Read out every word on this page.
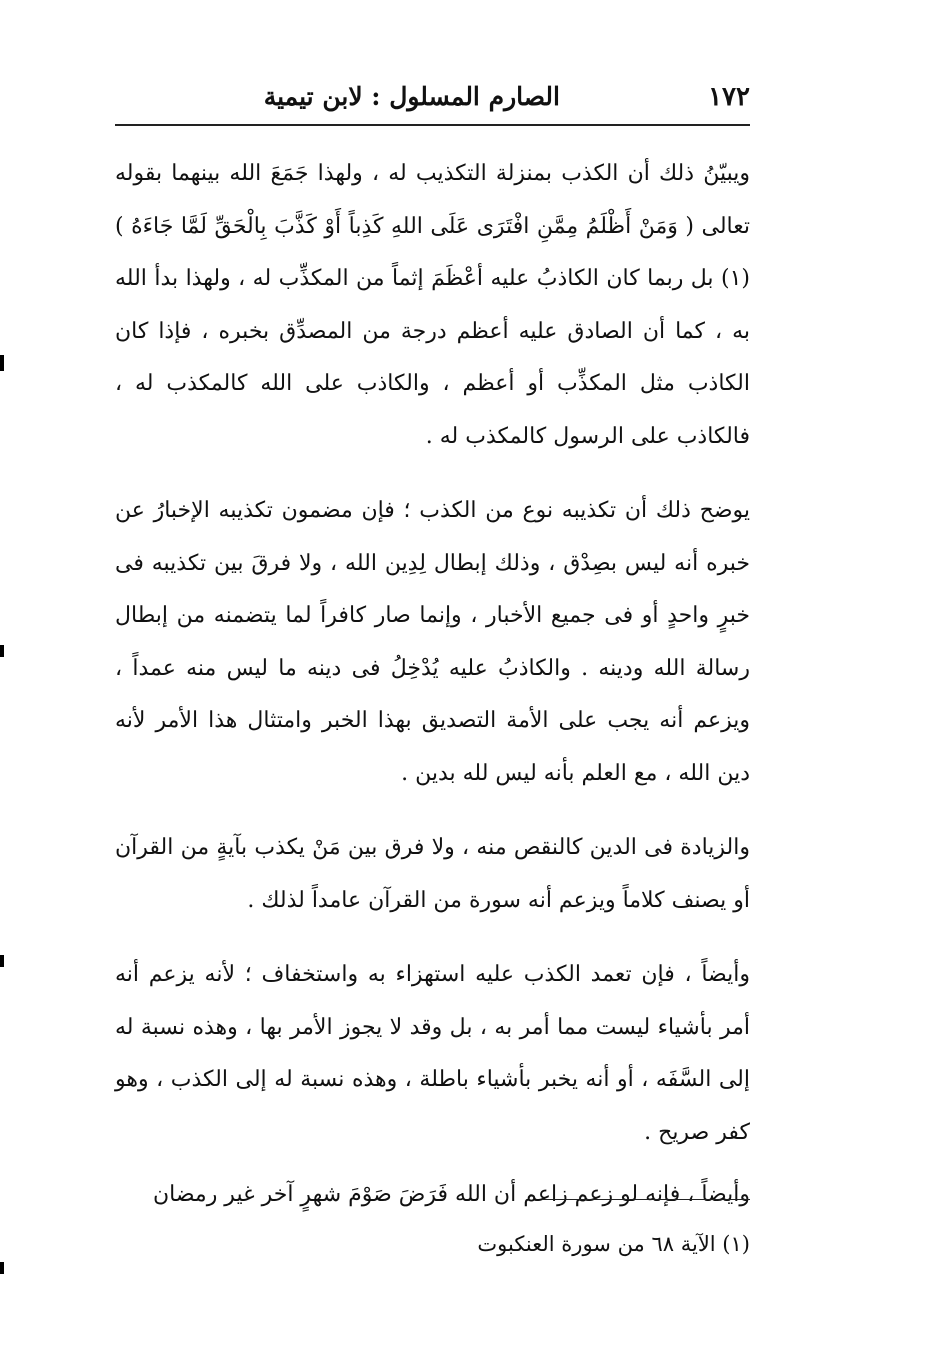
١٧٢
الصارم المسلول : لابن تيمية

ويبيّنُ ذلك أن الكذب بمنزلة التكذيب له ، ولهذا جَمَعَ الله بينهما بقوله تعالى ( وَمَنْ أَظْلَمُ مِمَّنِ افْتَرَى عَلَى اللهِ كَذِباً أَوْ كَذَّبَ بِالْحَقِّ لَمَّا جَاءَهُ )(١) بل ربما كان الكاذبُ عليه أعْظَمَ إثماً من المكذِّب له ، ولهذا بدأ الله به ، كما أن الصادق عليه أعظم درجة من المصدِّق بخبره ، فإذا كان الكاذب مثل المكذِّب أو أعظم ، والكاذب على الله كالمكذب له ، فالكاذب على الرسول كالمكذب له .

يوضح ذلك أن تكذيبه نوع من الكذب ؛ فإن مضمون تكذيبه الإخبارُ عن خبره أنه ليس بصِدْق ، وذلك إبطال لِدِين الله ، ولا فرقَ بين تكذيبه فى خبرٍ واحدٍ أو فى جميع الأخبار ، وإنما صار كافراً لما يتضمنه من إبطال رسالة الله ودينه . والكاذبُ عليه يُدْخِلُ فى دينه ما ليس منه عمداً ، ويزعم أنه يجب على الأمة التصديق بهذا الخبر وامتثال هذا الأمر لأنه دين الله ، مع العلم بأنه ليس لله بدين .

والزيادة فى الدين كالنقص منه ، ولا فرق بين مَنْ يكذب بآيةٍ من القرآن أو يصنف كلاماً ويزعم أنه سورة من القرآن عامداً لذلك .

وأيضاً ، فإن تعمد الكذب عليه استهزاء به واستخفاف ؛ لأنه يزعم أنه أمر بأشياء ليست مما أمر به ، بل وقد لا يجوز الأمر بها ، وهذه نسبة له إلى السَّفَه ، أو أنه يخبر بأشياء باطلة ، وهذه نسبة له إلى الكذب ، وهو كفر صريح .

وأيضاً ، فإنه لو زعم زاعم أن الله فَرَضَ صَوْمَ شهرٍ آخر غير رمضان

(١) الآية ٦٨ من سورة العنكبوت
